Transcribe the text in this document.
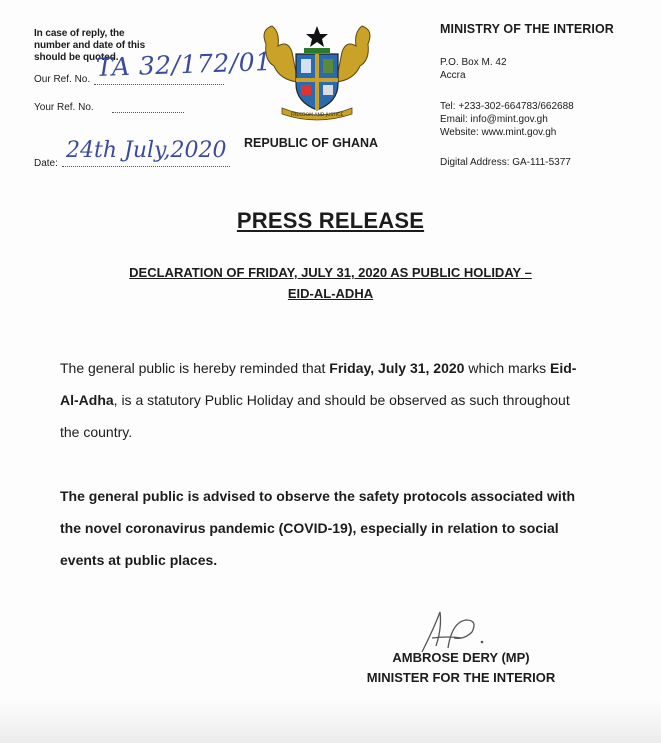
In case of reply, the
number and date of this
should be quoted.
Our Ref. No. TA 32/172/01
Your Ref. No.
Date:
24th July,2020
FREEDOM AND JUSTICE
REPUBLIC OF GHANA
MINISTRY OF THE INTERIOR
P.O. Box M. 42
Accra
Tel: +233-302-664783/662688
Email: info@mint.gov.gh
Website: www.mint.gov.gh
Digital Address: GA-111-5377
PRESS RELEASE
DECLARATION OF FRIDAY, JULY 31, 2020 AS PUBLIC HOLIDAY –
EID-AL-ADHA
The general public is hereby reminded that Friday, July 31, 2020 which marks Eid-Al-Adha, is a statutory Public Holiday and should be observed as such throughout the country.
The general public is advised to observe the safety protocols associated with the novel coronavirus pandemic (COVID-19), especially in relation to social events at public places.
AMBROSE DERY (MP)
MINISTER FOR THE INTERIOR
